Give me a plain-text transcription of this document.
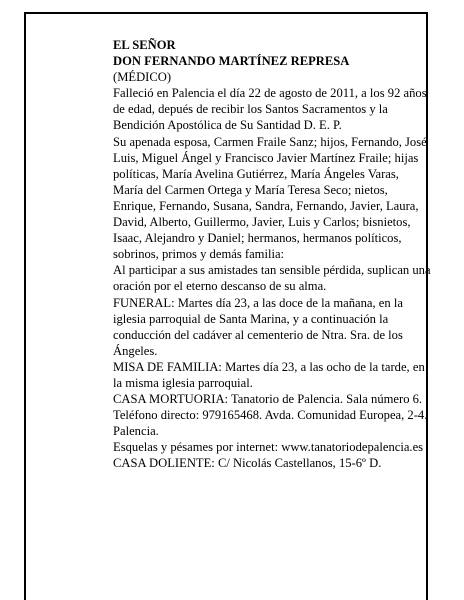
EL SEÑOR

DON FERNANDO MARTÍNEZ REPRESA

(MÉDICO)

Falleció en Palencia el día 22 de agosto de 2011, a los 92 años de edad, depués de recibir los Santos Sacramentos y la Bendición Apostólica de Su Santidad D. E. P.

Su apenada esposa, Carmen Fraile Sanz; hijos, Fernando, José Luis, Miguel Ángel y Francisco Javier Martínez Fraile; hijas políticas, María Avelina Gutiérrez, María Ángeles Varas, María del Carmen Ortega y María Teresa Seco; nietos, Enrique, Fernando, Susana, Sandra, Fernando, Javier, Laura, David, Alberto, Guillermo, Javier, Luis y Carlos; bisnietos, Isaac, Alejandro y Daniel; hermanos, hermanos políticos, sobrinos, primos y demás familia:

Al participar a sus amistades tan sensible pérdida, suplican una oración por el eterno descanso de su alma.

FUNERAL: Martes día 23, a las doce de la mañana, en la iglesia parroquial de Santa Marina, y a continuación la conducción del cadáver al cementerio de Ntra. Sra. de los Ángeles.

MISA DE FAMILIA: Martes día 23, a las ocho de la tarde, en la misma iglesia parroquial.

CASA MORTUORIA: Tanatorio de Palencia. Sala número 6. Teléfono directo: 979165468. Avda. Comunidad Europea, 2-4. Palencia.

Esquelas y pésames por internet: www.tanatoriodepalencia.es

CASA DOLIENTE: C/ Nicolás Castellanos, 15-6º D.
